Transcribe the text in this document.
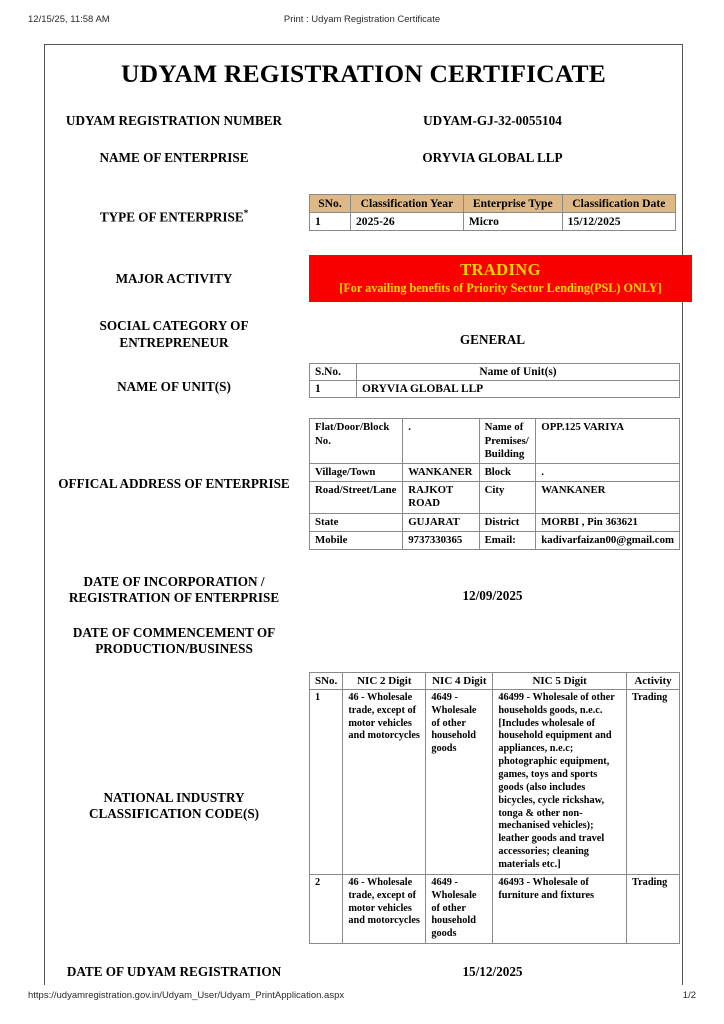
12/15/25, 11:58 AM	Print : Udyam Registration Certificate
UDYAM REGISTRATION CERTIFICATE
UDYAM REGISTRATION NUMBER	UDYAM-GJ-32-0055104
NAME OF ENTERPRISE	ORYVIA GLOBAL LLP
TYPE OF ENTERPRISE*
SNo.	Classification Year	Enterprise Type	Classification Date
1	2025-26	Micro	15/12/2025
MAJOR ACTIVITY	TRADING
[For availing benefits of Priority Sector Lending(PSL) ONLY]
SOCIAL CATEGORY OF ENTREPRENEUR	GENERAL
NAME OF UNIT(S)
S.No.	Name of Unit(s)
1	ORYVIA GLOBAL LLP
OFFICAL ADDRESS OF ENTERPRISE
Flat/Door/Block No.	.	Name of Premises/ Building	OPP.125 VARIYA
Village/Town	WANKANER	Block	.
Road/Street/Lane	RAJKOT ROAD	City	WANKANER
State	GUJARAT	District	MORBI , Pin 363621
Mobile	9737330365	Email:	kadivarfaizan00@gmail.com
DATE OF INCORPORATION / REGISTRATION OF ENTERPRISE	12/09/2025
DATE OF COMMENCEMENT OF PRODUCTION/BUSINESS
NATIONAL INDUSTRY CLASSIFICATION CODE(S)
SNo.	NIC 2 Digit	NIC 4 Digit	NIC 5 Digit	Activity
1	46 - Wholesale trade, except of motor vehicles and motorcycles	4649 - Wholesale of other household goods	46499 - Wholesale of other households goods, n.e.c. [Includes wholesale of household equipment and appliances, n.e.c; photographic equipment, games, toys and sports goods (also includes bicycles, cycle rickshaw, tonga & other non-mechanised vehicles); leather goods and travel accessories; cleaning materials etc.]	Trading
2	46 - Wholesale trade, except of motor vehicles and motorcycles	4649 - Wholesale of other household goods	46493 - Wholesale of furniture and fixtures	Trading
DATE OF UDYAM REGISTRATION	15/12/2025
https://udyamregistration.gov.in/Udyam_User/Udyam_PrintApplication.aspx	1/2
